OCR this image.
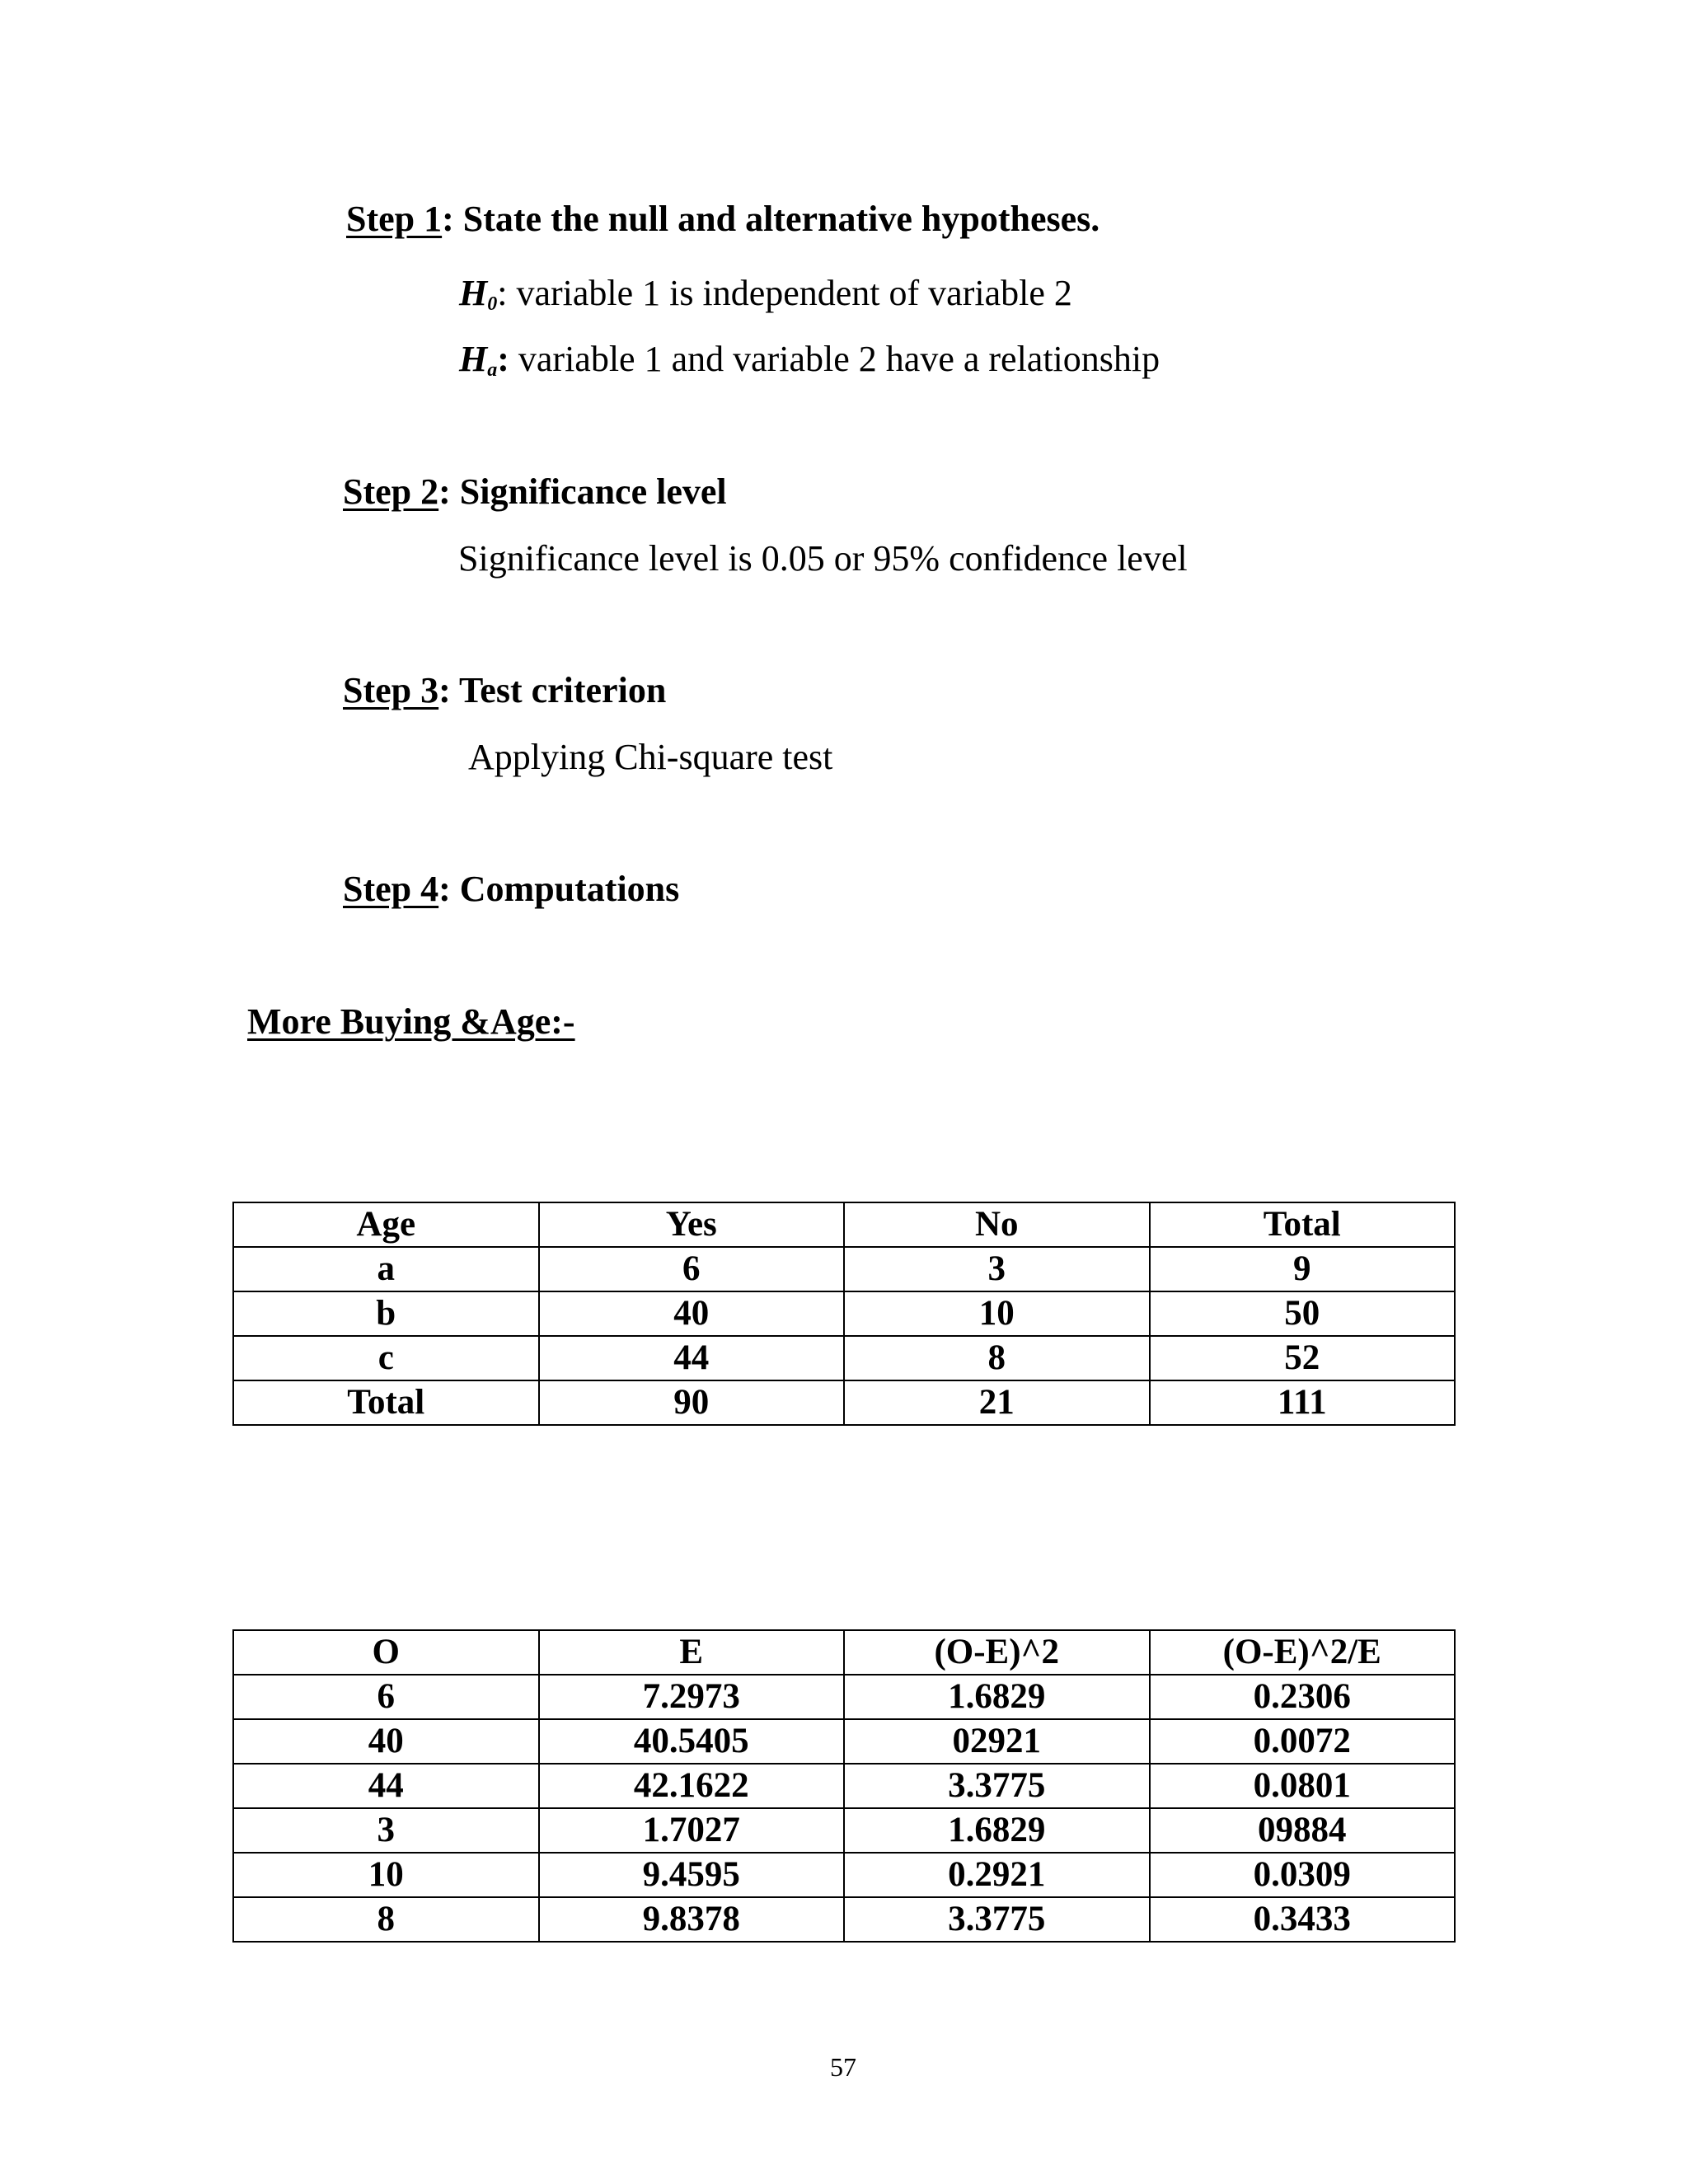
Step 1: State the null and alternative hypotheses.
H0: variable 1 is independent of variable 2
Ha: variable 1 and variable 2 have a relationship
Step 2: Significance level
Significance level is 0.05 or 95% confidence level
Step 3: Test criterion
Applying Chi-square test
Step 4: Computations
More Buying &Age:-
Age	Yes	No	Total
a	6	3	9
b	40	10	50
c	44	8	52
Total	90	21	111
O	E	(O-E)^2	(O-E)^2/E
6	7.2973	1.6829	0.2306
40	40.5405	02921	0.0072
44	42.1622	3.3775	0.0801
3	1.7027	1.6829	09884
10	9.4595	0.2921	0.0309
8	9.8378	3.3775	0.3433
57
